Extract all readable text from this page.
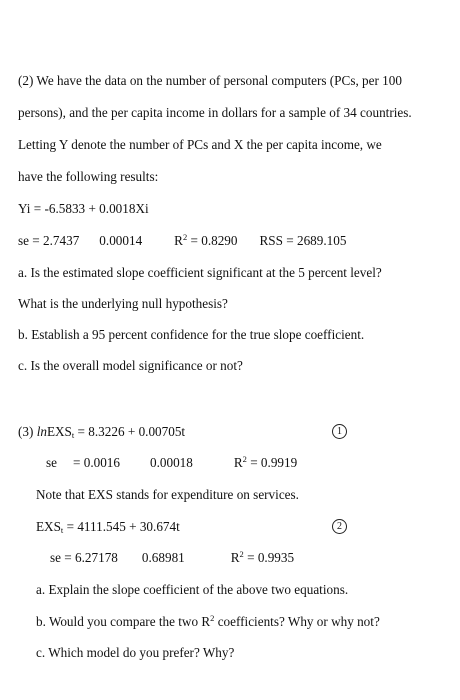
(2) We have the data on the number of personal computers (PCs, per 100
persons), and the per capita income in dollars for a sample of 34 countries.
Letting Y denote the number of PCs and X the per capita income, we
have the following results:
Yi = -6.5833 + 0.0018Xi
se = 2.7437 0.00014 $R^2 = 0.8290$ RSS = 2689.105
a. Is the estimated slope coefficient significant at the 5 percent level?
What is the underlying null hypothesis?
b. Establish a 95 percent confidence for the true slope coefficient.
c. Is the overall model significance or not?
(3) lnEXS$_t$ = 8.3226 + 0.00705t	1
se = 0.0016 0.00018	$R^2 = 0.9919$
Note that EXS stands for expenditure on services.
$EXS_t = 4111.545 + 30.674t$	2
se = 6.27178 0.68981	$R^2 = 0.9935$
a. Explain the slope coefficient of the above two equations.
b. Would you compare the two $R^2$ coefficients? Why or why not?
c. Which model do you prefer? Why?
